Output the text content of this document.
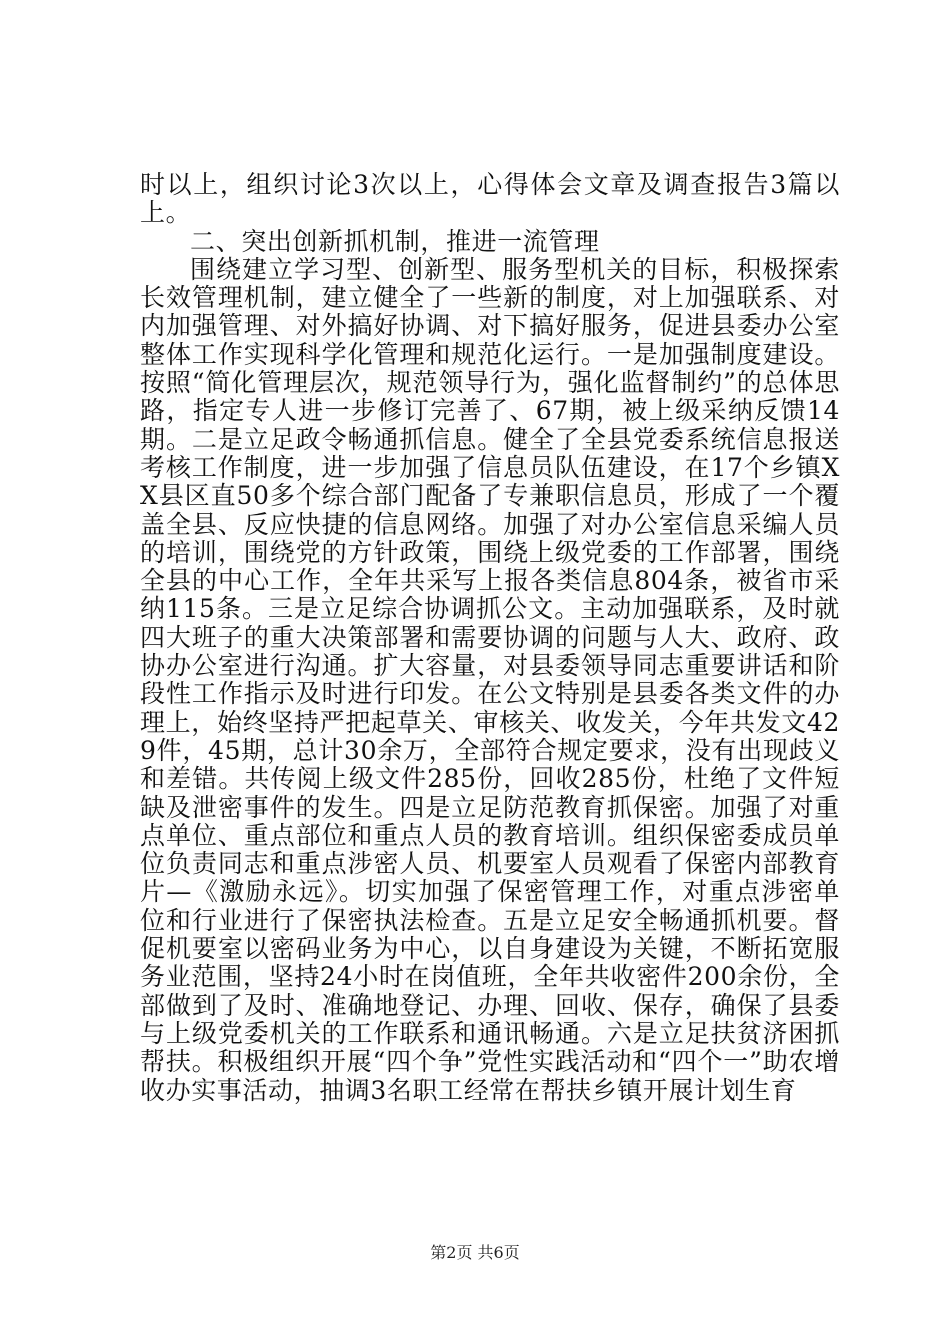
时以上，组织讨论3次以上，心得体会文章及调查报告3篇以上。

二、突出创新抓机制，推进一流管理

围绕建立学习型、创新型、服务型机关的目标，积极探索长效管理机制，建立健全了一些新的制度，对上加强联系、对内加强管理、对外搞好协调、对下搞好服务，促进县委办公室整体工作实现科学化管理和规范化运行。一是加强制度建设。按照“简化管理层次，规范领导行为，强化监督制约”的总体思路，指定专人进一步修订完善了、67期，被上级采纳反馈14期。二是立足政令畅通抓信息。健全了全县党委系统信息报送考核工作制度，进一步加强了信息员队伍建设，在17个乡镇XX县区直50多个综合部门配备了专兼职信息员，形成了一个覆盖全县、反应快捷的信息网络。加强了对办公室信息采编人员的培训，围绕党的方针政策，围绕上级党委的工作部署，围绕全县的中心工作，全年共采写上报各类信息804条，被省市采纳115条。三是立足综合协调抓公文。主动加强联系，及时就四大班子的重大决策部署和需要协调的问题与人大、政府、政协办公室进行沟通。扩大容量，对县委领导同志重要讲话和阶段性工作指示及时进行印发。在公文特别是县委各类文件的办理上，始终坚持严把起草关、审核关、收发关，今年共发文429件，45期，总计30余万，全部符合规定要求，没有出现歧义和差错。共传阅上级文件285份，回收285份，杜绝了文件短缺及泄密事件的发生。四是立足防范教育抓保密。加强了对重点单位、重点部位和重点人员的教育培训。组织保密委成员单位负责同志和重点涉密人员、机要室人员观看了保密内部教育片—《激励永远》。切实加强了保密管理工作，对重点涉密单位和行业进行了保密执法检查。五是立足安全畅通抓机要。督促机要室以密码业务为中心，以自身建设为关键，不断拓宽服务业范围，坚持24小时在岗值班，全年共收密件200余份，全部做到了及时、准确地登记、办理、回收、保存，确保了县委与上级党委机关的工作联系和通讯畅通。六是立足扶贫济困抓帮扶。积极组织开展“四个争”党性实践活动和“四个一”助农增收办实事活动，抽调3名职工经常在帮扶乡镇开展计划生育

第2页 共6页
